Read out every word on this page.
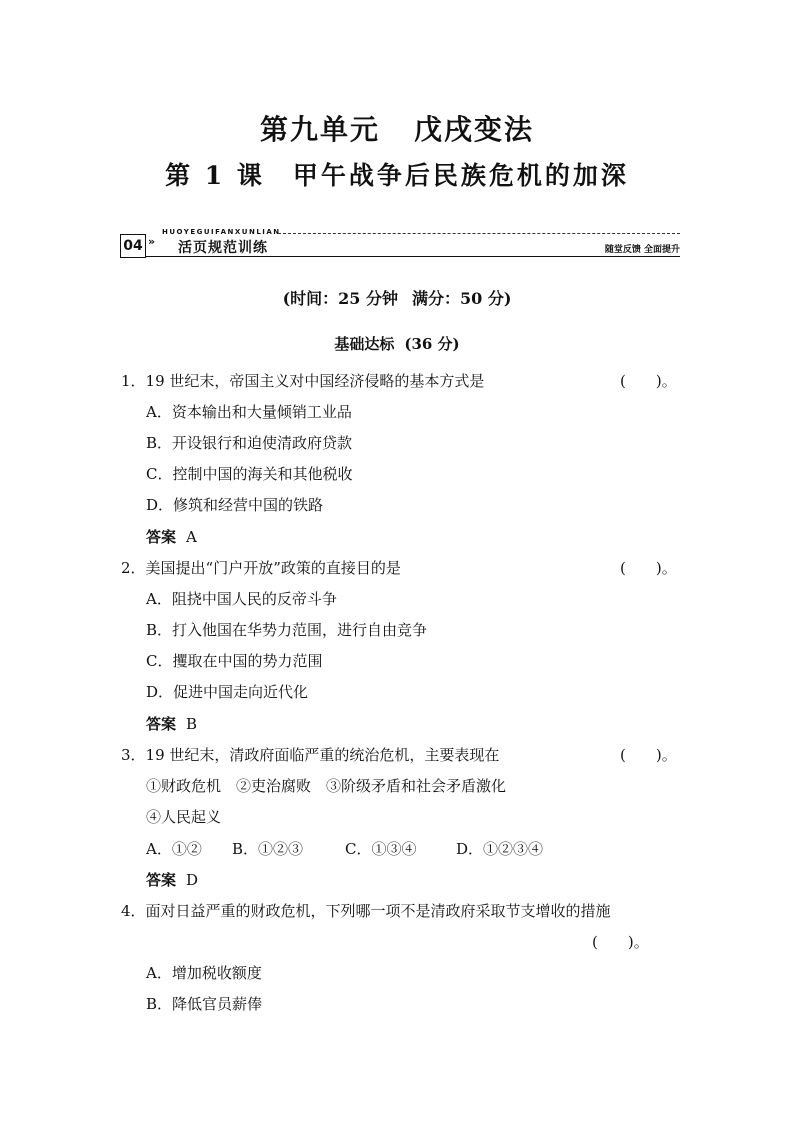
第九单元 戊戌变法
第 1 课 甲午战争后民族危机的加深
HUOYEGUIFANXUNLIAN
04 » 活页规范训练	随堂反馈 全面提升
(时间：25 分钟 满分：50 分)
基础达标 (36 分)
1．19 世纪末，帝国主义对中国经济侵略的基本方式是	(　　)。
A．资本输出和大量倾销工业品
B．开设银行和迫使清政府贷款
C．控制中国的海关和其他税收
D．修筑和经营中国的铁路
答案 A
2．美国提出“门户开放”政策的直接目的是	(　　)。
A．阻挠中国人民的反帝斗争
B．打入他国在华势力范围，进行自由竞争
C．攫取在中国的势力范围
D．促进中国走向近代化
答案 B
3．19 世纪末，清政府面临严重的统治危机，主要表现在	(　　)。
①财政危机　②吏治腐败　③阶级矛盾和社会矛盾激化
④人民起义
A．①② B．①②③	C．①③④	D．①②③④
答案 D
4．面对日益严重的财政危机，下列哪一项不是清政府采取节支增收的措施
(　　)。
A．增加税收额度
B．降低官员薪俸
